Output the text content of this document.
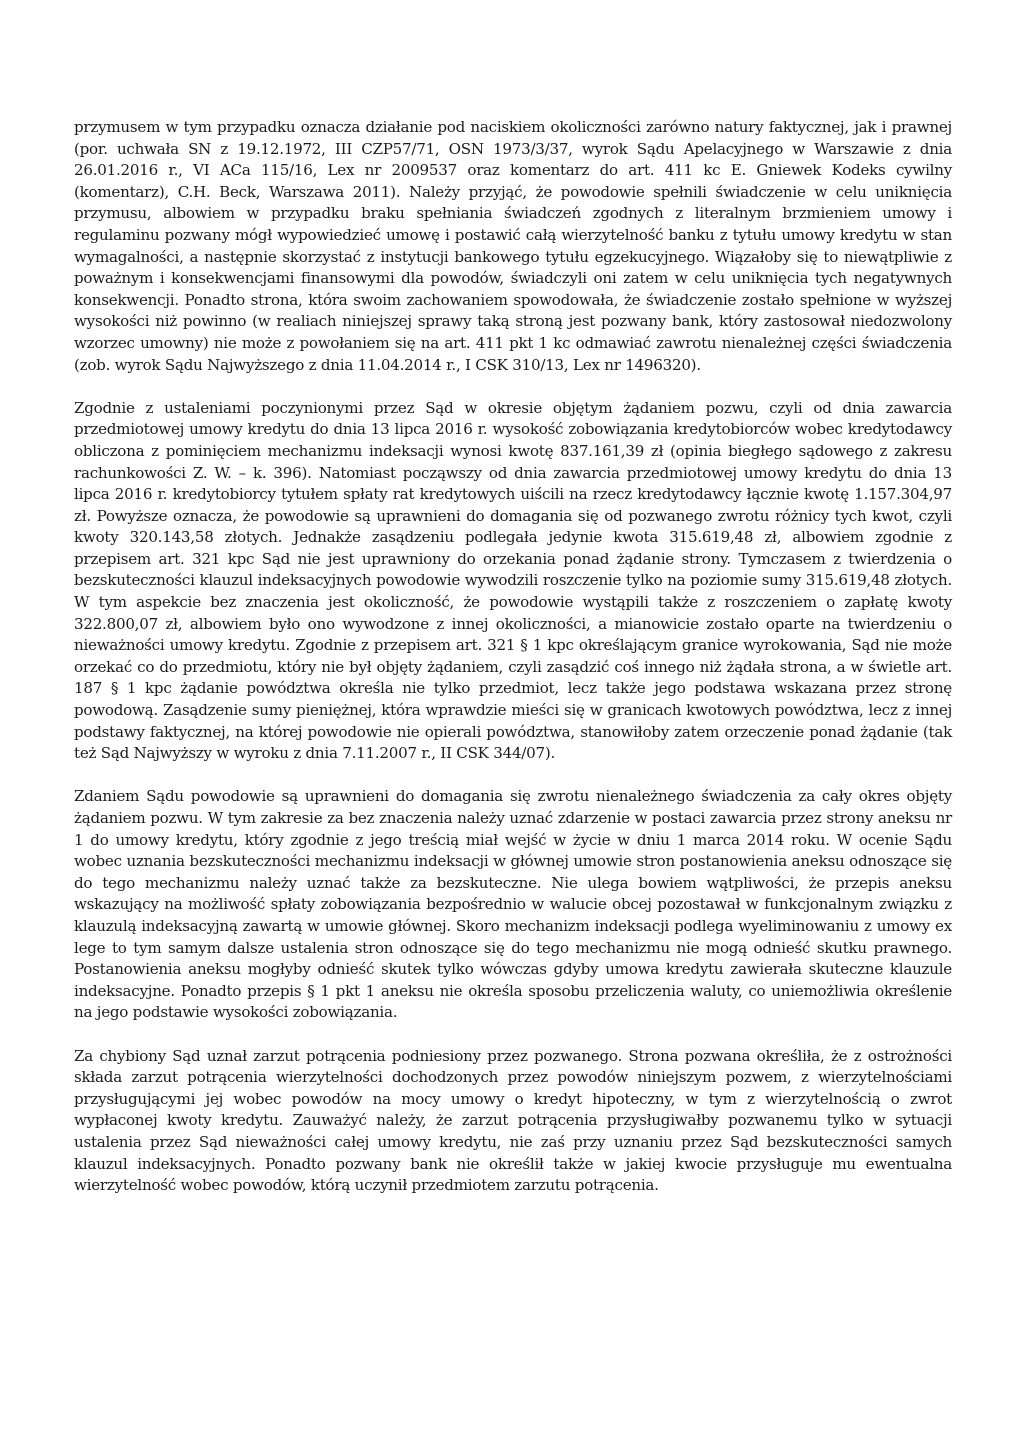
przymusem w tym przypadku oznacza działanie pod naciskiem okoliczności zarówno natury faktycznej, jak i prawnej (por. uchwała SN z 19.12.1972, III CZP57/71, OSN 1973/3/37, wyrok Sądu Apelacyjnego w Warszawie z dnia 26.01.2016 r., VI ACa 115/16, Lex nr 2009537 oraz komentarz do art. 411 kc E. Gniewek Kodeks cywilny (komentarz), C.H. Beck, Warszawa 2011). Należy przyjąć, że powodowie spełnili świadczenie w celu uniknięcia przymusu, albowiem w przypadku braku spełniania świadczeń zgodnych z literalnym brzmieniem umowy i regulaminu pozwany mógł wypowiedzieć umowę i postawić całą wierzytelność banku z tytułu umowy kredytu w stan wymagalności, a następnie skorzystać z instytucji bankowego tytułu egzekucyjnego. Wiązałoby się to niewątpliwie z poważnym i konsekwencjami finansowymi dla powodów, świadczyli oni zatem w celu uniknięcia tych negatywnych konsekwencji. Ponadto strona, która swoim zachowaniem spowodowała, że świadczenie zostało spełnione w wyższej wysokości niż powinno (w realiach niniejszej sprawy taką stroną jest pozwany bank, który zastosował niedozwolony wzorzec umowny) nie może z powołaniem się na art. 411 pkt 1 kc odmawiać zawrotu nienależnej części świadczenia (zob. wyrok Sądu Najwyższego z dnia 11.04.2014 r., I CSK 310/13, Lex nr 1496320).

Zgodnie z ustaleniami poczynionymi przez Sąd w okresie objętym żądaniem pozwu, czyli od dnia zawarcia przedmiotowej umowy kredytu do dnia 13 lipca 2016 r. wysokość zobowiązania kredytobiorców wobec kredytodawcy obliczona z pominięciem mechanizmu indeksacji wynosi kwotę 837.161,39 zł (opinia biegłego sądowego z zakresu rachunkowości Z. W. – k. 396). Natomiast począwszy od dnia zawarcia przedmiotowej umowy kredytu do dnia 13 lipca 2016 r. kredytobiorcy tytułem spłaty rat kredytowych uiścili na rzecz kredytodawcy łącznie kwotę 1.157.304,97 zł. Powyższe oznacza, że powodowie są uprawnieni do domagania się od pozwanego zwrotu różnicy tych kwot, czyli kwoty 320.143,58 złotych. Jednakże zasądzeniu podlegała jedynie kwota 315.619,48 zł, albowiem zgodnie z przepisem art. 321 kpc Sąd nie jest uprawniony do orzekania ponad żądanie strony. Tymczasem z twierdzenia o bezskuteczności klauzul indeksacyjnych powodowie wywodzili roszczenie tylko na poziomie sumy 315.619,48 złotych. W tym aspekcie bez znaczenia jest okoliczność, że powodowie wystąpili także z roszczeniem o zapłatę kwoty 322.800,07 zł, albowiem było ono wywodzone z innej okoliczności, a mianowicie zostało oparte na twierdzeniu o nieważności umowy kredytu. Zgodnie z przepisem art. 321 § 1 kpc określającym granice wyrokowania, Sąd nie może orzekać co do przedmiotu, który nie był objęty żądaniem, czyli zasądzić coś innego niż żądała strona, a w świetle art. 187 § 1 kpc żądanie powództwa określa nie tylko przedmiot, lecz także jego podstawa wskazana przez stronę powodową. Zasądzenie sumy pieniężnej, która wprawdzie mieści się w granicach kwotowych powództwa, lecz z innej podstawy faktycznej, na której powodowie nie opierali powództwa, stanowiłoby zatem orzeczenie ponad żądanie (tak też Sąd Najwyższy w wyroku z dnia 7.11.2007 r., II CSK 344/07).

Zdaniem Sądu powodowie są uprawnieni do domagania się zwrotu nienależnego świadczenia za cały okres objęty żądaniem pozwu. W tym zakresie za bez znaczenia należy uznać zdarzenie w postaci zawarcia przez strony aneksu nr 1 do umowy kredytu, który zgodnie z jego treścią miał wejść w życie w dniu 1 marca 2014 roku. W ocenie Sądu wobec uznania bezskuteczności mechanizmu indeksacji w głównej umowie stron postanowienia aneksu odnoszące się do tego mechanizmu należy uznać także za bezskuteczne. Nie ulega bowiem wątpliwości, że przepis aneksu wskazujący na możliwość spłaty zobowiązania bezpośrednio w walucie obcej pozostawał w funkcjonalnym związku z klauzulą indeksacyjną zawartą w umowie głównej. Skoro mechanizm indeksacji podlega wyeliminowaniu z umowy ex lege to tym samym dalsze ustalenia stron odnoszące się do tego mechanizmu nie mogą odnieść skutku prawnego. Postanowienia aneksu mogłyby odnieść skutek tylko wówczas gdyby umowa kredytu zawierała skuteczne klauzule indeksacyjne. Ponadto przepis § 1 pkt 1 aneksu nie określa sposobu przeliczenia waluty, co uniemożliwia określenie na jego podstawie wysokości zobowiązania.

Za chybiony Sąd uznał zarzut potrącenia podniesiony przez pozwanego. Strona pozwana określiła, że z ostrożności składa zarzut potrącenia wierzytelności dochodzonych przez powodów niniejszym pozwem, z wierzytelnościami przysługującymi jej wobec powodów na mocy umowy o kredyt hipoteczny, w tym z wierzytelnością o zwrot wypłaconej kwoty kredytu. Zauważyć należy, że zarzut potrącenia przysługiwałby pozwanemu tylko w sytuacji ustalenia przez Sąd nieważności całej umowy kredytu, nie zaś przy uznaniu przez Sąd bezskuteczności samych klauzul indeksacyjnych. Ponadto pozwany bank nie określił także w jakiej kwocie przysługuje mu ewentualna wierzytelność wobec powodów, którą uczynił przedmiotem zarzutu potrącenia.
